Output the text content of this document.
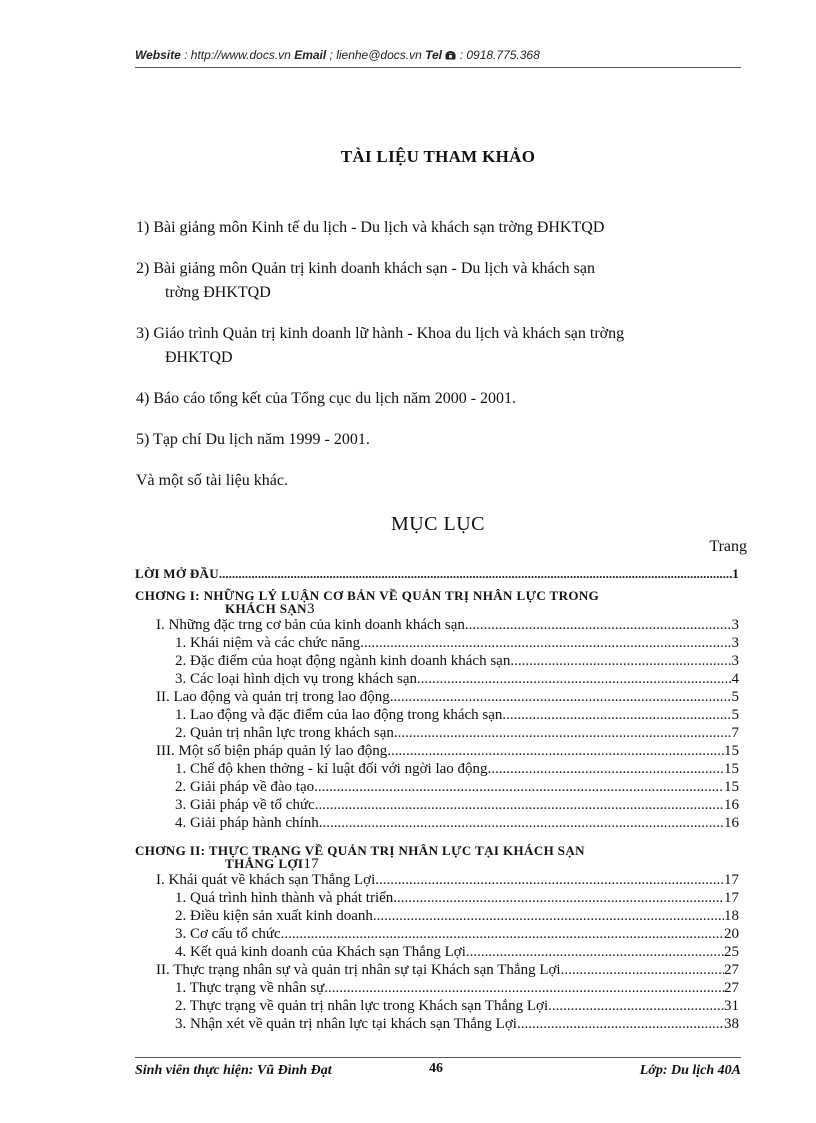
Website : http://www.docs.vn Email ; lienhe@docs.vn Tel  : 0918.775.368
TÀI LIỆU THAM KHẢO
1) Bài giảng môn Kinh tế du lịch - Du lịch và khách sạn trờng ĐHKTQD
2) Bài giảng môn Quản trị kinh doanh khách sạn - Du lịch và khách sạn
trờng ĐHKTQD
3) Giáo trình Quản trị kinh doanh lữ hành - Khoa du lịch và khách sạn trờng
ĐHKTQD
4) Báo cáo tổng kết của Tổng cục du lịch năm 2000 - 2001.
5) Tạp chí Du lịch năm 1999 - 2001.
Và một số tài liệu khác.
MỤC LỤC
Trang
LỜI MỞ ĐẦU .....	1
CHƠNG I: NHỮNG LÝ LUẬN CƠ BẢN VỀ QUẢN TRỊ NHÂN LỰC TRONG
KHÁCH SẠN 3
I. Những đặc trng cơ bản của kinh doanh khách sạn. .....	3
1. Khái niệm và các chức năng. .....	3
2. Đặc điểm của hoạt động ngành kinh doanh khách sạn. .....	3
3. Các loại hình dịch vụ trong khách sạn .....	4
II. Lao động và quản trị trong lao động .....	5
1. Lao động và đặc điểm của lao động trong khách sạn .....	5
2. Quản trị nhân lực trong khách sạn. .....	7
III. Một số biện pháp quản lý lao động. .....	15
1. Chế độ khen thởng - kỉ luật đối với ngời lao động. .....	15
2. Giải pháp về đào tạo. .....	15
3. Giải pháp về tổ chức. .....	16
4. Giải pháp hành chính. .....	16
CHƠNG II: THỰC TRẠNG VỀ QUẢN TRỊ NHÂN LỰC TẠI KHÁCH SẠN
THẮNG LỢI 17
I. Khái quát về khách sạn Thắng Lợi. .....	17
1. Quá trình hình thành và phát triển. .....	17
2. Điều kiện sản xuất kinh doanh .....	18
3. Cơ cấu tổ chức .....	20
4. Kết quả kinh doanh của Khách sạn Thắng Lợi .....	25
II. Thực trạng nhân sự và quản trị nhân sự tại Khách sạn Thắng Lợi .....	27
1. Thực trạng về nhân sự .....	27
2. Thực trạng về quản trị nhân lực trong Khách sạn Thắng Lợi .....	31
3. Nhận xét về quản trị nhân lực tại khách sạn Thắng Lợi. .....	38
Sinh viên thực hiện: Vũ Đình Đạt	46	Lớp: Du lịch 40A
